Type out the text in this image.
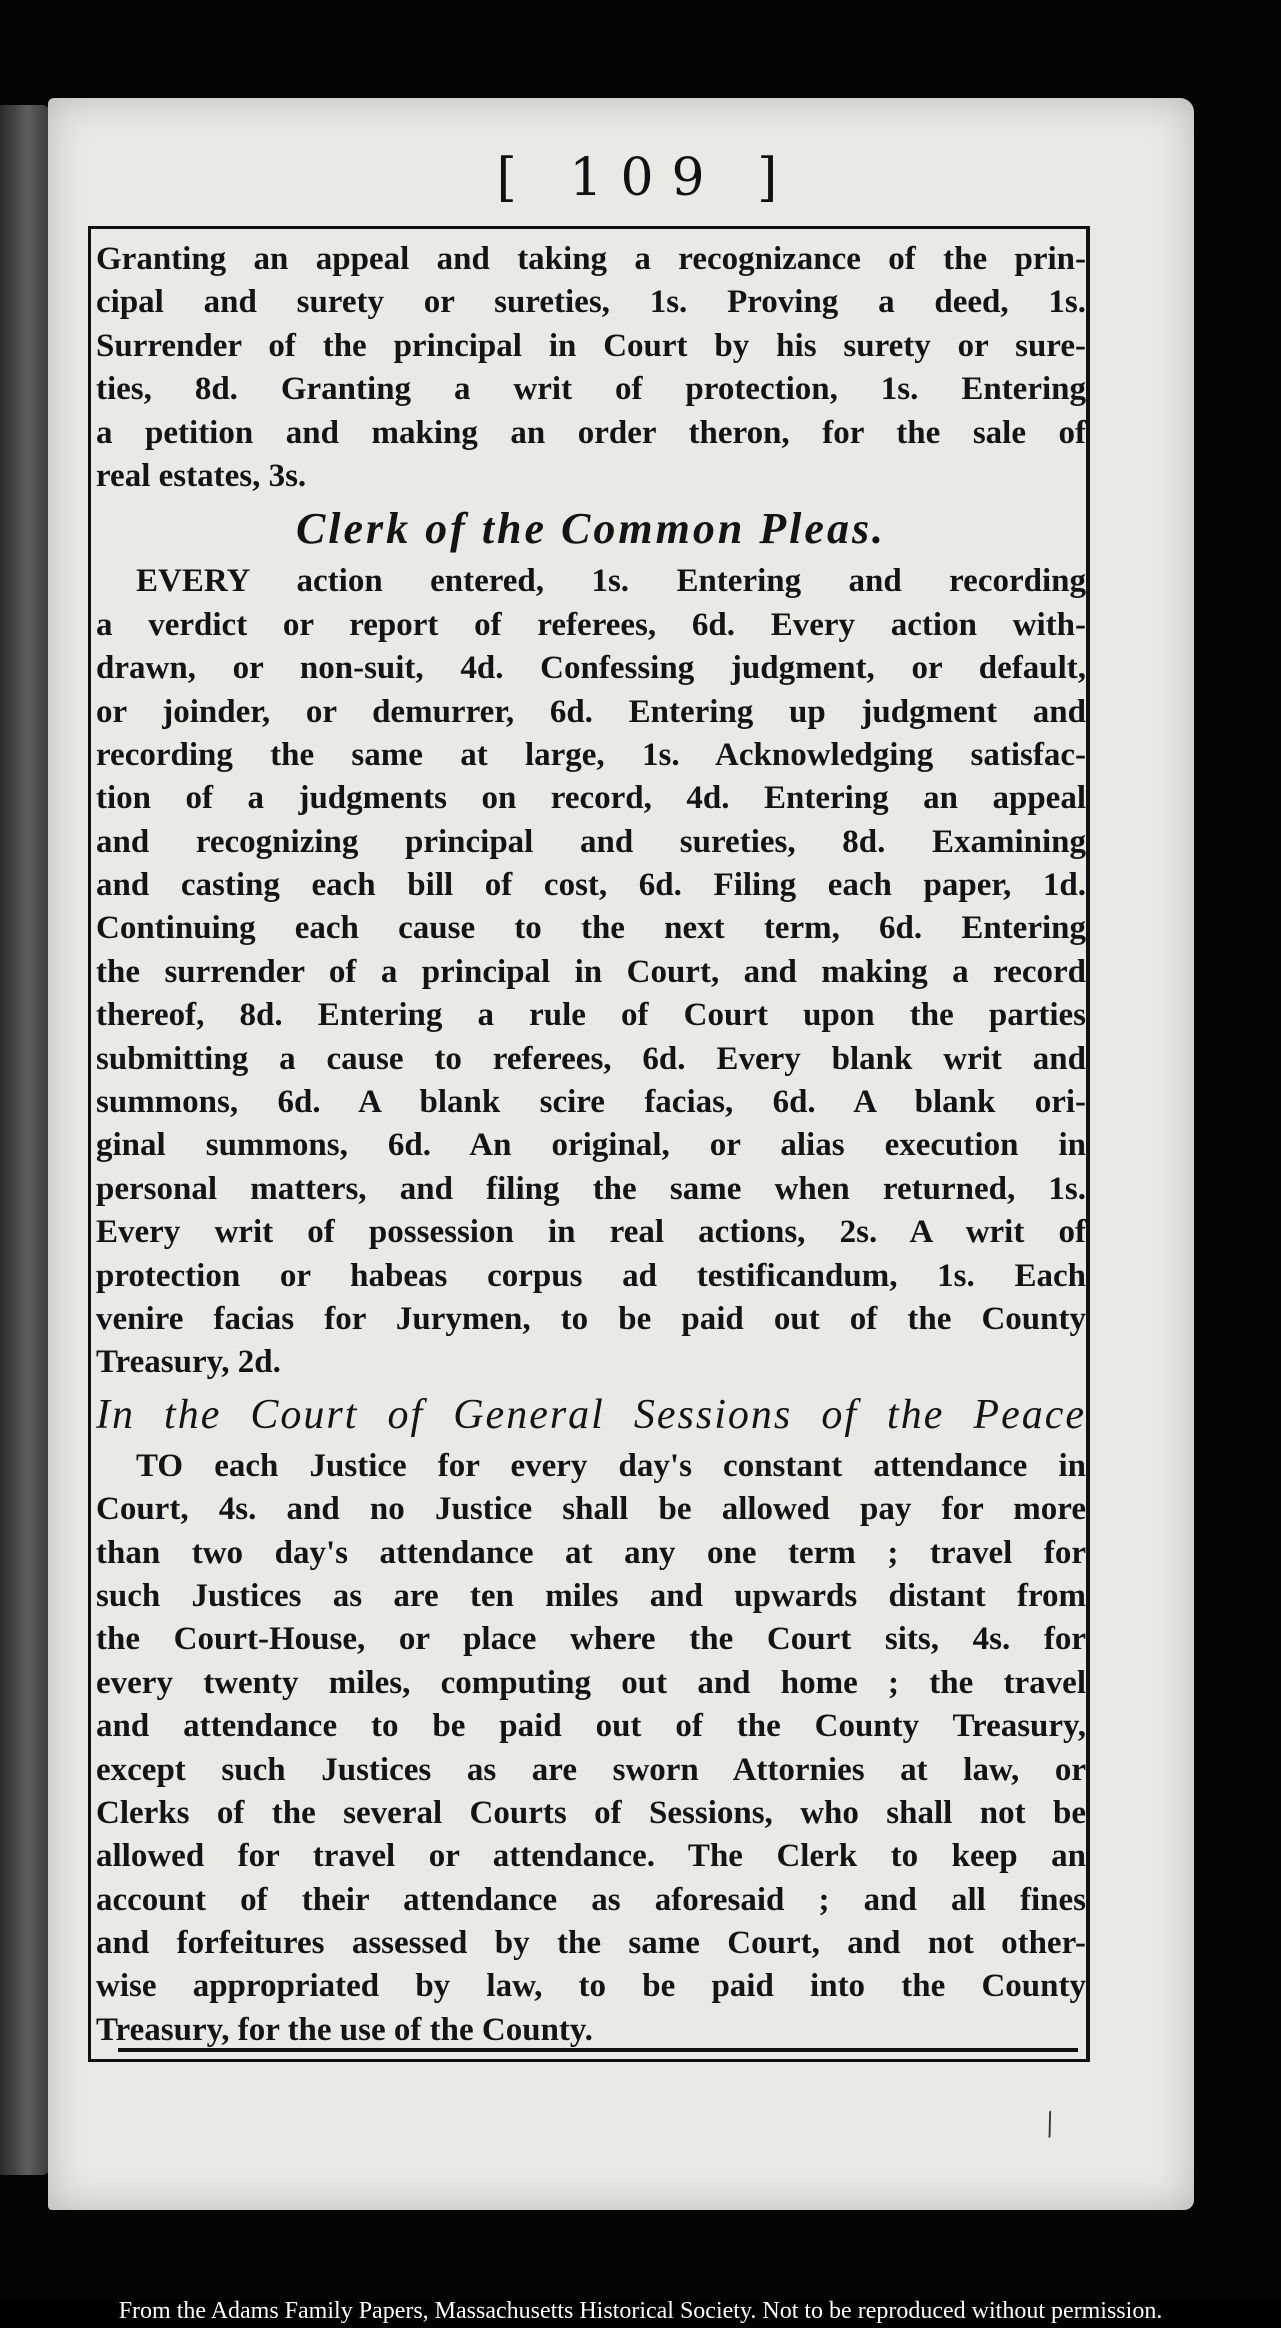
[ 109 ]
Granting an appeal and taking a recognizance of the prin-
cipal and surety or sureties, 1s. Proving a deed, 1s.
Surrender of the principal in Court by his surety or sure-
ties, 8d. Granting a writ of protection, 1s. Entering
a petition and making an order theron, for the sale of
real estates, 3s.
Clerk of the Common Pleas.
EVERY action entered, 1s. Entering and recording
a verdict or report of referees, 6d. Every action with-
drawn, or non-suit, 4d. Confessing judgment, or default,
or joinder, or demurrer, 6d. Entering up judgment and
recording the same at large, 1s. Acknowledging satisfac-
tion of a judgments on record, 4d. Entering an appeal
and recognizing principal and sureties, 8d. Examining
and casting each bill of cost, 6d. Filing each paper, 1d.
Continuing each cause to the next term, 6d. Entering
the surrender of a principal in Court, and making a record
thereof, 8d. Entering a rule of Court upon the parties
submitting a cause to referees, 6d. Every blank writ and
summons, 6d. A blank scire facias, 6d. A blank ori-
ginal summons, 6d. An original, or alias execution in
personal matters, and filing the same when returned, 1s.
Every writ of possession in real actions, 2s. A writ of
protection or habeas corpus ad testificandum, 1s. Each
venire facias for Jurymen, to be paid out of the County
Treasury, 2d.
In the Court of General Sessions of the Peace
TO each Justice for every day's constant attendance in
Court, 4s. and no Justice shall be allowed pay for more
than two day's attendance at any one term ; travel for
such Justices as are ten miles and upwards distant from
the Court-House, or place where the Court sits, 4s. for
every twenty miles, computing out and home ; the travel
and attendance to be paid out of the County Treasury,
except such Justices as are sworn Attornies at law, or
Clerks of the several Courts of Sessions, who shall not be
allowed for travel or attendance. The Clerk to keep an
account of their attendance as aforesaid ; and all fines
and forfeitures assessed by the same Court, and not other-
wise appropriated by law, to be paid into the County
Treasury, for the use of the County.
⁄
From the Adams Family Papers, Massachusetts Historical Society. Not to be reproduced without permission.
